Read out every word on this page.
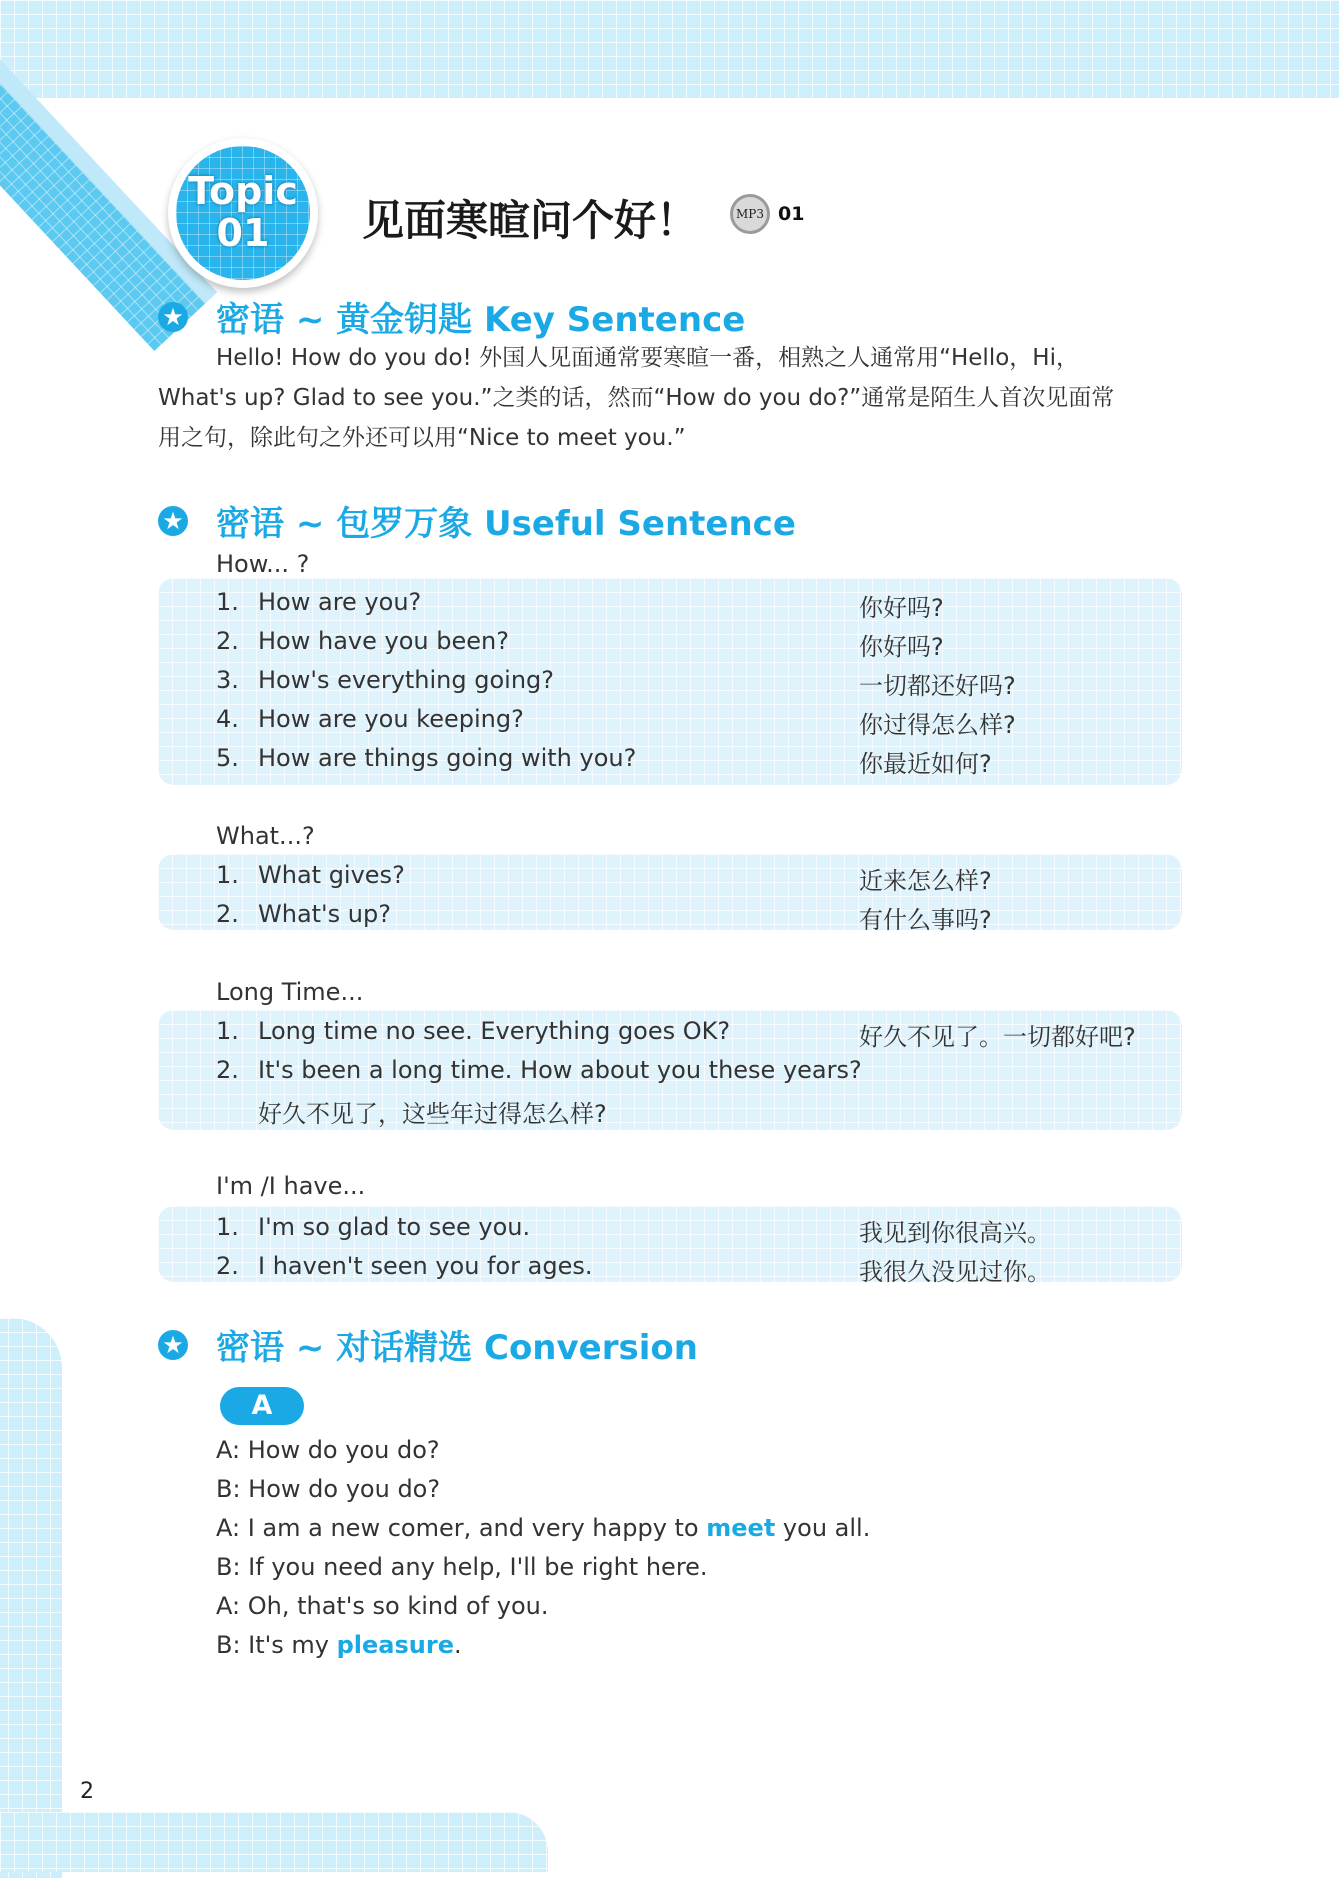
Topic
01	见面寒暄问个好！	MP3 01
★ 密语 ~ 黄金钥匙 Key Sentence
Hello! How do you do! 外国人见面通常要寒暄一番，相熟之人通常用“Hello，Hi，
What's up? Glad to see you.”之类的话，然而“How do you do?”通常是陌生人首次见面常
用之句，除此句之外还可以用“Nice to meet you.”
★ 密语 ~ 包罗万象 Useful Sentence
How... ?
1. How are you?	你好吗?
2. How have you been?	你好吗?
3. How's everything going?	一切都还好吗?
4. How are you keeping?	你过得怎么样?
5. How are things going with you?	你最近如何?
What...?
1. What gives?	近来怎么样?
2. What's up?	有什么事吗?
Long Time...
1. Long time no see. Everything goes OK?	好久不见了。一切都好吧?
2. It's been a long time. How about you these years?
好久不见了，这些年过得怎么样?
I'm /I have...
1. I'm so glad to see you.	我见到你很高兴。
2. I haven't seen you for ages.	我很久没见过你。
★ 密语 ~ 对话精选 Conversion
A
A: How do you do?
B: How do you do?
A: I am a new comer, and very happy to meet you all.
B: If you need any help, I'll be right here.
A: Oh, that's so kind of you.
B: It's my pleasure.
2
